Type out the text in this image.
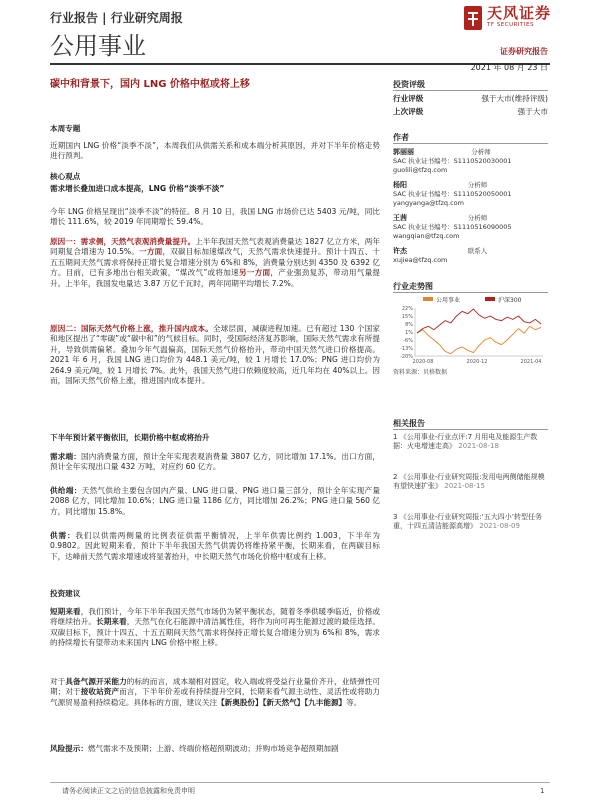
行业报告 | 行业研究周报
公用事业
天风证券
TF SECURITIES
证券研究报告
2021 年 08 月 23 日
碳中和背景下，国内 LNG 价格中枢或将上移
本周专题
近期国内 LNG 价格“淡季不淡”，本周我们从供需关系和成本端分析其原因，并对下半年价格走势进行预判。
核心观点
需求增长叠加进口成本提高，LNG 价格“淡季不淡”
今年 LNG 价格呈现出“淡季不淡”的特征。8 月 10 日，我国 LNG 市场价已达 5403 元/吨，同比增长 111.6%，较 2019 年同期增长 59.4%。
原因一：需求侧，天然气表观消费量提升。上半年我国天然气表观消费量达 1827 亿立方米，两年同期复合增速为 10.5%。一方面，双碳目标加速煤改气，天然气需求快速提升。预计十四五、十五五期间天然气需求将保持正增长复合增速分别为 6%和 8%，消费量分别达到 4350 及 6392 亿方。目前，已有多地出台相关政策，“煤改气”或将加速另一方面，产业强劲复苏，带动用气量提升。上半年，我国发电量达 3.87 万亿千瓦时，两年同期平均增长 7.2%。
原因二：国际天然气价格上涨，推升国内成本。全球层面，减碳进程加速。已有超过 130 个国家和地区提出了“零碳”或“碳中和”的气候目标。同时，受国际经济复苏影响，国际天然气需求有所提升，导致供需偏紧。叠加今年气温偏高，国际天然气价格抬升，带动中国天然气进口价格提高。2021 年 6 月，我国 LNG 进口均价为 448.1 美元/吨，较 1 月增长 17.0%；PNG 进口均价为 264.9 美元/吨，较 1 月增长 7%。此外，我国天然气进口依赖度较高，近几年均在 40%以上。因而，国际天然气价格上涨，推进国内成本提升。
下半年预计紧平衡依旧，长期价格中枢或将抬升
需求端：国内消费量方面，预计全年实现表观消费量 3807 亿方，同比增加 17.1%。出口方面，预计全年实现出口量 432 万吨，对应约 60 亿方。
供给端：天然气供给主要包含国内产量、LNG 进口量、PNG 进口量三部分，预计全年实现产量 2088 亿方，同比增加 10.6%；LNG 进口量 1186 亿方，同比增加 26.2%；PNG 进口量 560 亿方，同比增加 15.8%。
供需：我们以供需两侧量的比例表征供需平衡情况，上半年供需比例约 1.003，下半年为 0.9802。因此短期来看，预计下半年我国天然气供需仍将维持紧平衡，长期来看，在两碳目标下，达峰前天然气需求增速或将显著抬升，中长期天然气市场化价格中枢或有上移。
投资建议
短期来看，我们预计，今年下半年我国天然气市场仍为紧平衡状态，随着冬季供暖季临近，价格或将继续抬升。长期来看，天然气在化石能源中清洁属性佳，将作为向可再生能源过渡的最佳选择。双碳目标下，预计十四五、十五五期间天然气需求将保持正增长复合增速分别为 6%和 8%，需求的持续增长有望带动未来国内 LNG 价格中枢上移。
对于具备气源开采能力的标的而言，成本端相对固定，收入端或将受益行业量价齐升，业绩弹性可期；对于接收站资产而言，下半年价差或有持续提升空间，长期来看气源主动性、灵活性或将助力气源贸易盈利持续稳定。具体标的方面，建议关注【新奥股份】【新天然气】【九丰能源】等。
风险提示：燃气需求不及预期；上游、终端价格超预期波动；并购市场竞争超预期加剧
投资评级
行业评级	强于大市(维持评级)
上次评级	强于大市
作者
郭丽丽	分析师
SAC 执业证书编号：S1110520030001
guolili@tfzq.com
杨阳	分析师
SAC 执业证书编号：S1110520050001
yangyanga@tfzq.com
王茜	分析师
SAC 执业证书编号：S1110516090005
wangqian@tfzq.com
许杰	联系人
xujiea@tfzq.com
行业走势图
公用事业	沪深300
22%
15%
8%
1%
-6%
-13%
-20%
2020-08	2020-12	2021-04
资料来源：贝格数据
相关报告
1 《公用事业-行业点评:7 月用电及能源生产数据：火电增速走高》 2021-08-18
2 《公用事业-行业研究周报:发用电两侧储能规模有望快速扩张》 2021-08-15
3 《公用事业-行业研究周报:‘五大四小’转型任务重，十四五清洁能源高增》 2021-08-09
请务必阅读正文之后的信息披露和免责申明	1
